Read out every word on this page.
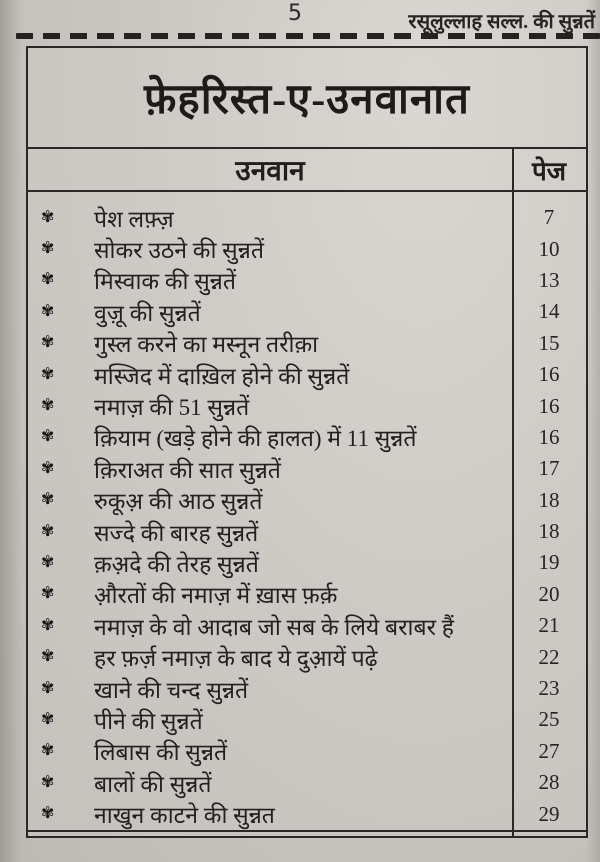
5	रसूलुल्लाह सल्ल. की सुन्नतें
फ़ेहरिस्त-ए-उनवानात
उनवान	पेज
✾ पेश लफ़्ज़	7
✾ सोकर उठने की सुन्नतें	10
✾ मिस्वाक की सुन्नतें	13
✾ वुज़ू की सुन्नतें	14
✾ गुस्ल करने का मस्नून तरीक़ा	15
✾ मस्जिद में दाख़िल होने की सुन्नतें	16
✾ नमाज़ की 51 सुन्नतें	16
✾ क़ियाम (खड़े होने की हालत) में 11 सुन्नतें	16
✾ क़िराअत की सात सुन्नतें	17
✾ रुकूअ़ की आठ सुन्नतें	18
✾ सज्दे की बारह सुन्नतें	18
✾ क़अ़दे की तेरह सुन्नतें	19
✾ औ़रतों की नमाज़ में ख़ास फ़र्क़	20
✾ नमाज़ के वो आदाब जो सब के लिये बराबर हैं	21
✾ हर फ़र्ज़ नमाज़ के बाद ये दुआ़यें पढ़े	22
✾ खाने की चन्द सुन्नतें	23
✾ पीने की सुन्नतें	25
✾ लिबास की सुन्नतें	27
✾ बालों की सुन्नतें	28
✾ नाखुन काटने की सुन्नत	29
